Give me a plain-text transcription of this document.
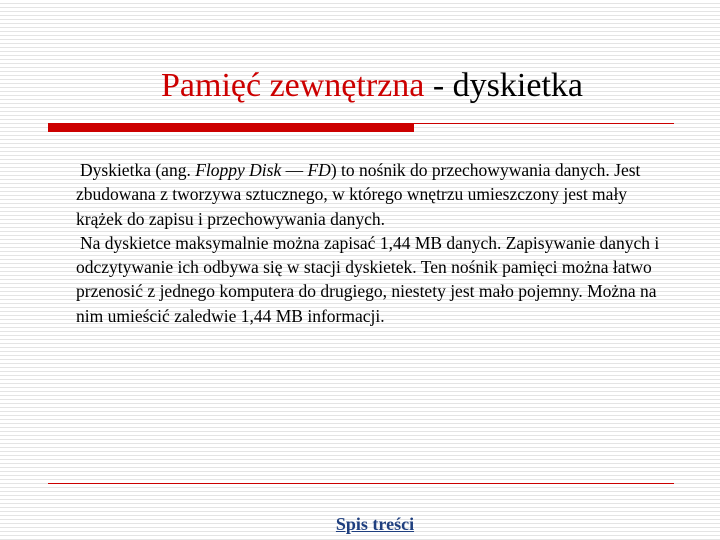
Pamięć zewnętrzna - dyskietka

Dyskietka (ang. Floppy Disk — FD) to nośnik do przechowywania danych. Jest zbudowana z tworzywa sztucznego, w którego wnętrzu umieszczony jest mały krążek do zapisu i przechowywania danych.

Na dyskietce maksymalnie można zapisać 1,44 MB danych. Zapisywanie danych i odczytywanie ich odbywa się w stacji dyskietek. Ten nośnik pamięci można łatwo przenosić z jednego komputera do drugiego, niestety jest mało pojemny. Można na nim umieścić zaledwie 1,44 MB informacji.

Spis treści
